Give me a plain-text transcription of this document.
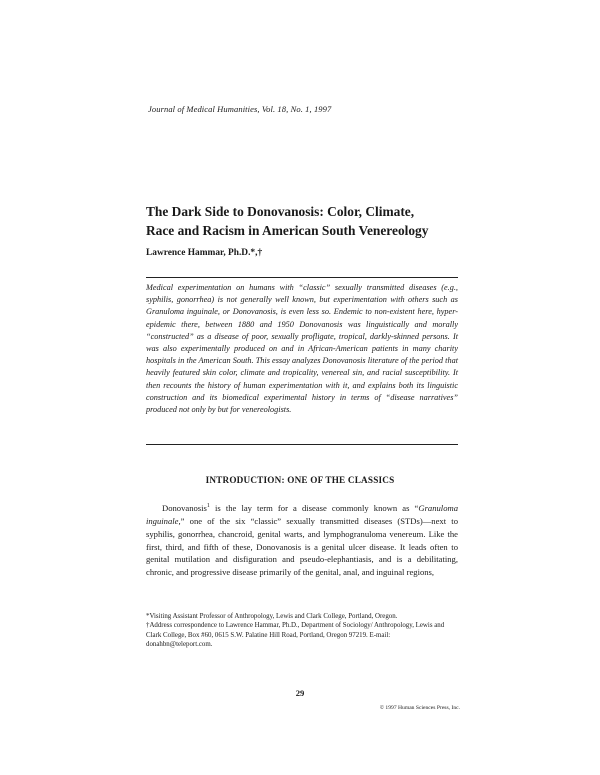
Journal of Medical Humanities, Vol. 18, No. 1, 1997
The Dark Side to Donovanosis: Color, Climate,
Race and Racism in American South Venereology
Lawrence Hammar, Ph.D.*,†

Medical experimentation on humans with “classic” sexually transmitted diseases (e.g., syphilis, gonorrhea) is not generally well known, but experimentation with others such as Granuloma inguinale, or Donovanosis, is even less so. Endemic to non-existent here, hyper-epidemic there, between 1880 and 1950 Donovanosis was linguistically and morally “constructed” as a disease of poor, sexually profligate, tropical, darkly-skinned persons. It was also experimentally produced on and in African-American patients in many charity hospitals in the American South. This essay analyzes Donovanosis literature of the period that heavily featured skin color, climate and tropicality, venereal sin, and racial susceptibility. It then recounts the history of human experimentation with it, and explains both its linguistic construction and its biomedical experimental history in terms of “disease narratives” produced not only by but for venereologists.

INTRODUCTION: ONE OF THE CLASSICS

Donovanosis$^1$ is the lay term for a disease commonly known as “Granuloma inguinale,” one of the six “classic” sexually transmitted diseases (STDs)—next to syphilis, gonorrhea, chancroid, genital warts, and lymphogranuloma venereum. Like the first, third, and fifth of these, Donovanosis is a genital ulcer disease. It leads often to genital mutilation and disfiguration and pseudo-elephantiasis, and is a debilitating, chronic, and progressive disease primarily of the genital, anal, and inguinal regions,

*Visiting Assistant Professor of Anthropology, Lewis and Clark College, Portland, Oregon.

†Address correspondence to Lawrence Hammar, Ph.D., Department of Sociology/ Anthropology, Lewis and Clark College, Box #60, 0615 S.W. Palatine Hill Road, Portland, Oregon 97219. E-mail: donahbn@teleport.com.

29
© 1997 Human Sciences Press, Inc.
